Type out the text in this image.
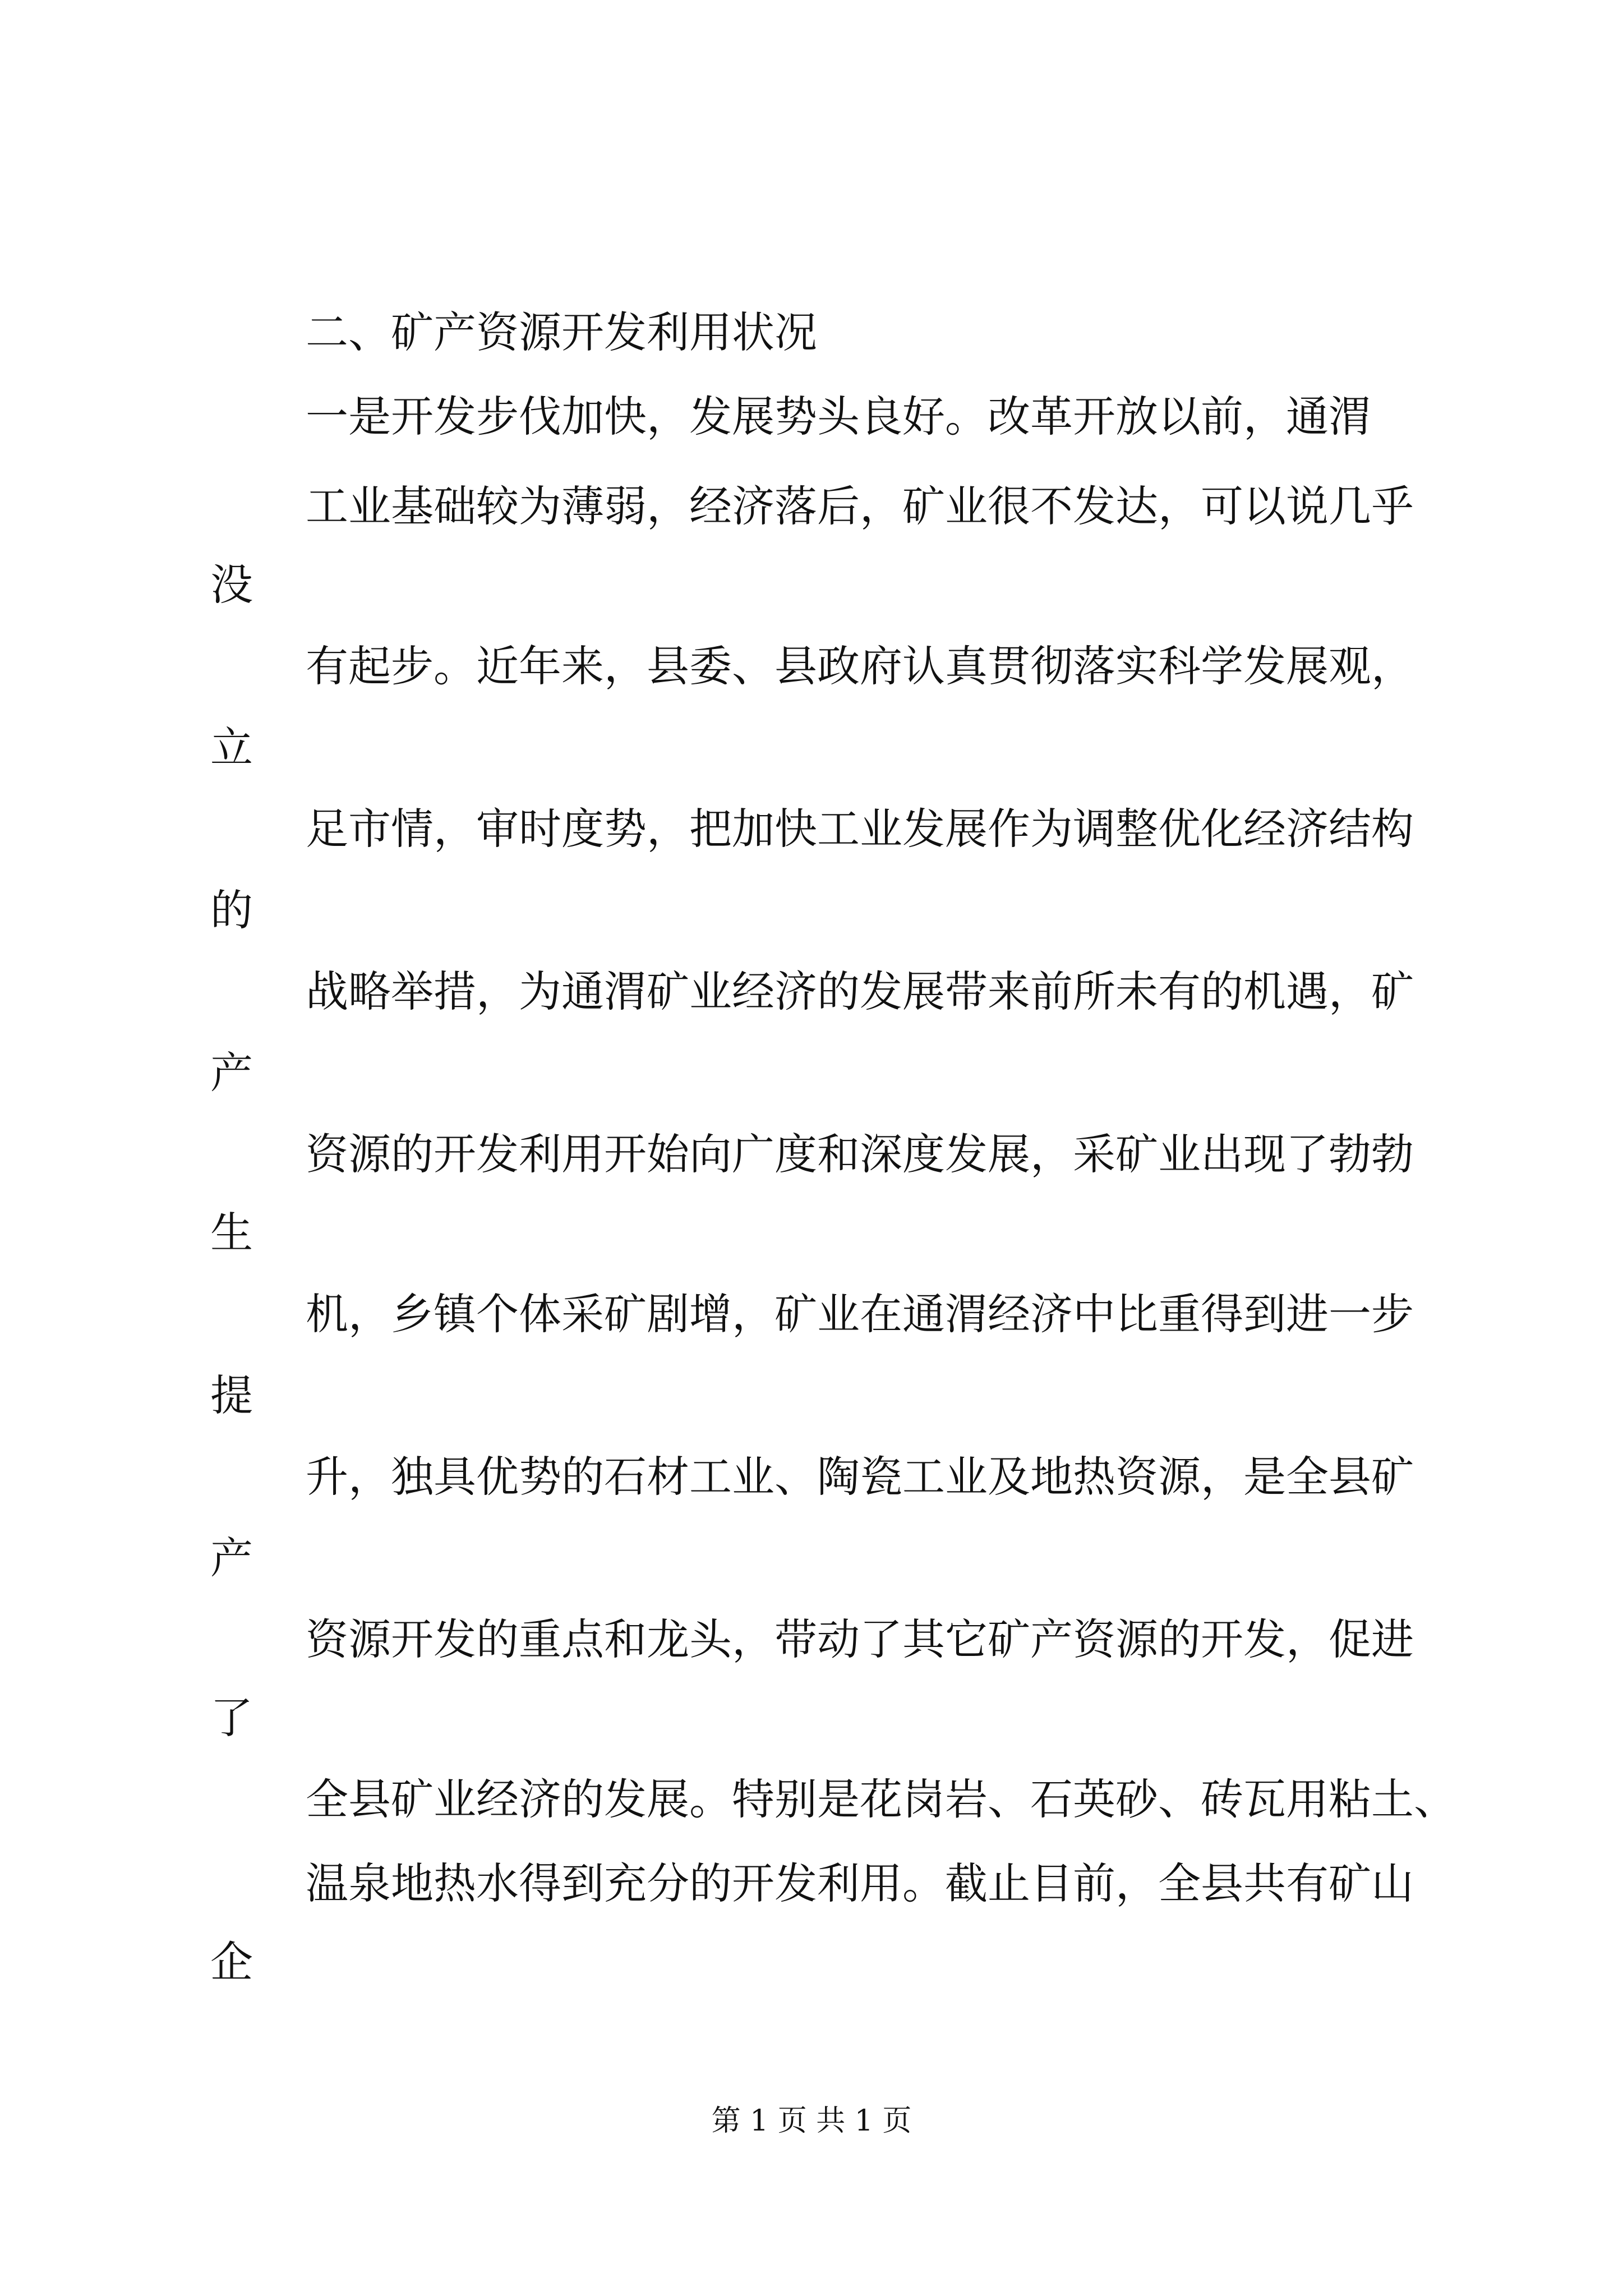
二、矿产资源开发利用状况
一是开发步伐加快，发展势头良好。改革开放以前，通渭
工业基础较为薄弱，经济落后，矿业很不发达，可以说几乎
没
有起步。近年来，县委、县政府认真贯彻落实科学发展观，
立
足市情，审时度势，把加快工业发展作为调整优化经济结构
的
战略举措，为通渭矿业经济的发展带来前所未有的机遇，矿
产
资源的开发利用开始向广度和深度发展，采矿业出现了勃勃
生
机，乡镇个体采矿剧增，矿业在通渭经济中比重得到进一步
提
升，独具优势的石材工业、陶瓷工业及地热资源，是全县矿
产
资源开发的重点和龙头，带动了其它矿产资源的开发，促进
了
全县矿业经济的发展。特别是花岗岩、石英砂、砖瓦用粘土、
温泉地热水得到充分的开发利用。截止目前，全县共有矿山
企
第 1 页 共 1 页
